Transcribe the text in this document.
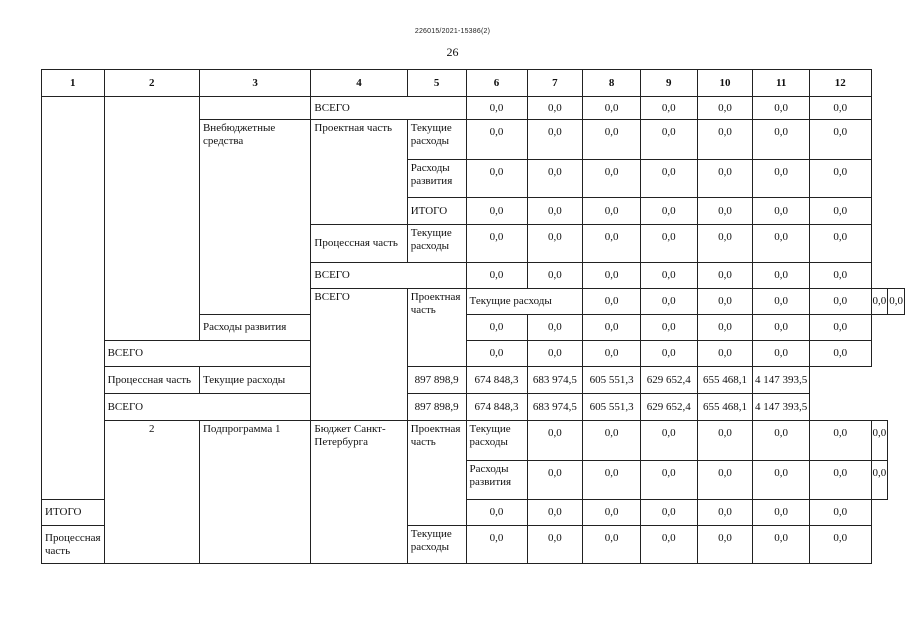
226015/2021-15386(2)
26
1	2	3	4	5	6	7	8	9	10	11	12		
			ВСЕГО		0,0	0,0	0,0	0,0	0,0	0,0	0,0		
		Внебюджетные средства	Проектная часть	Текущие расходы	0,0	0,0	0,0	0,0	0,0	0,0	0,0		
				Расходы развития	0,0	0,0	0,0	0,0	0,0	0,0	0,0		
				ИТОГО	0,0	0,0	0,0	0,0	0,0	0,0	0,0		
			Процессная часть	Текущие расходы	0,0	0,0	0,0	0,0	0,0	0,0	0,0		
			ВСЕГО		0,0	0,0	0,0	0,0	0,0	0,0	0,0		
			ВСЕГО	Проектная часть	Текущие расходы		0,0	0,0	0,0	0,0	0,0	0,0	0,0
		Расходы развития			0,0	0,0	0,0	0,0	0,0	0,0	0,0		
	ВСЕГО				0,0	0,0	0,0	0,0	0,0	0,0	0,0		
	Процессная часть	Текущие расходы		897 898,9	674 848,3	683 974,5	605 551,3	629 652,4	655 468,1	4 147 393,5			
	ВСЕГО			897 898,9	674 848,3	683 974,5	605 551,3	629 652,4	655 468,1	4 147 393,5			
	2	Подпрограмма 1	Бюджет Санкт-Петербурга	Проектная часть	Текущие расходы	0,0	0,0	0,0	0,0	0,0	0,0	0,0	
					Расходы развития	0,0	0,0	0,0	0,0	0,0	0,0	0,0	
ИТОГО					0,0	0,0	0,0	0,0	0,0	0,0	0,0		
Процессная часть				Текущие расходы	0,0	0,0	0,0	0,0	0,0	0,0	0,0		
